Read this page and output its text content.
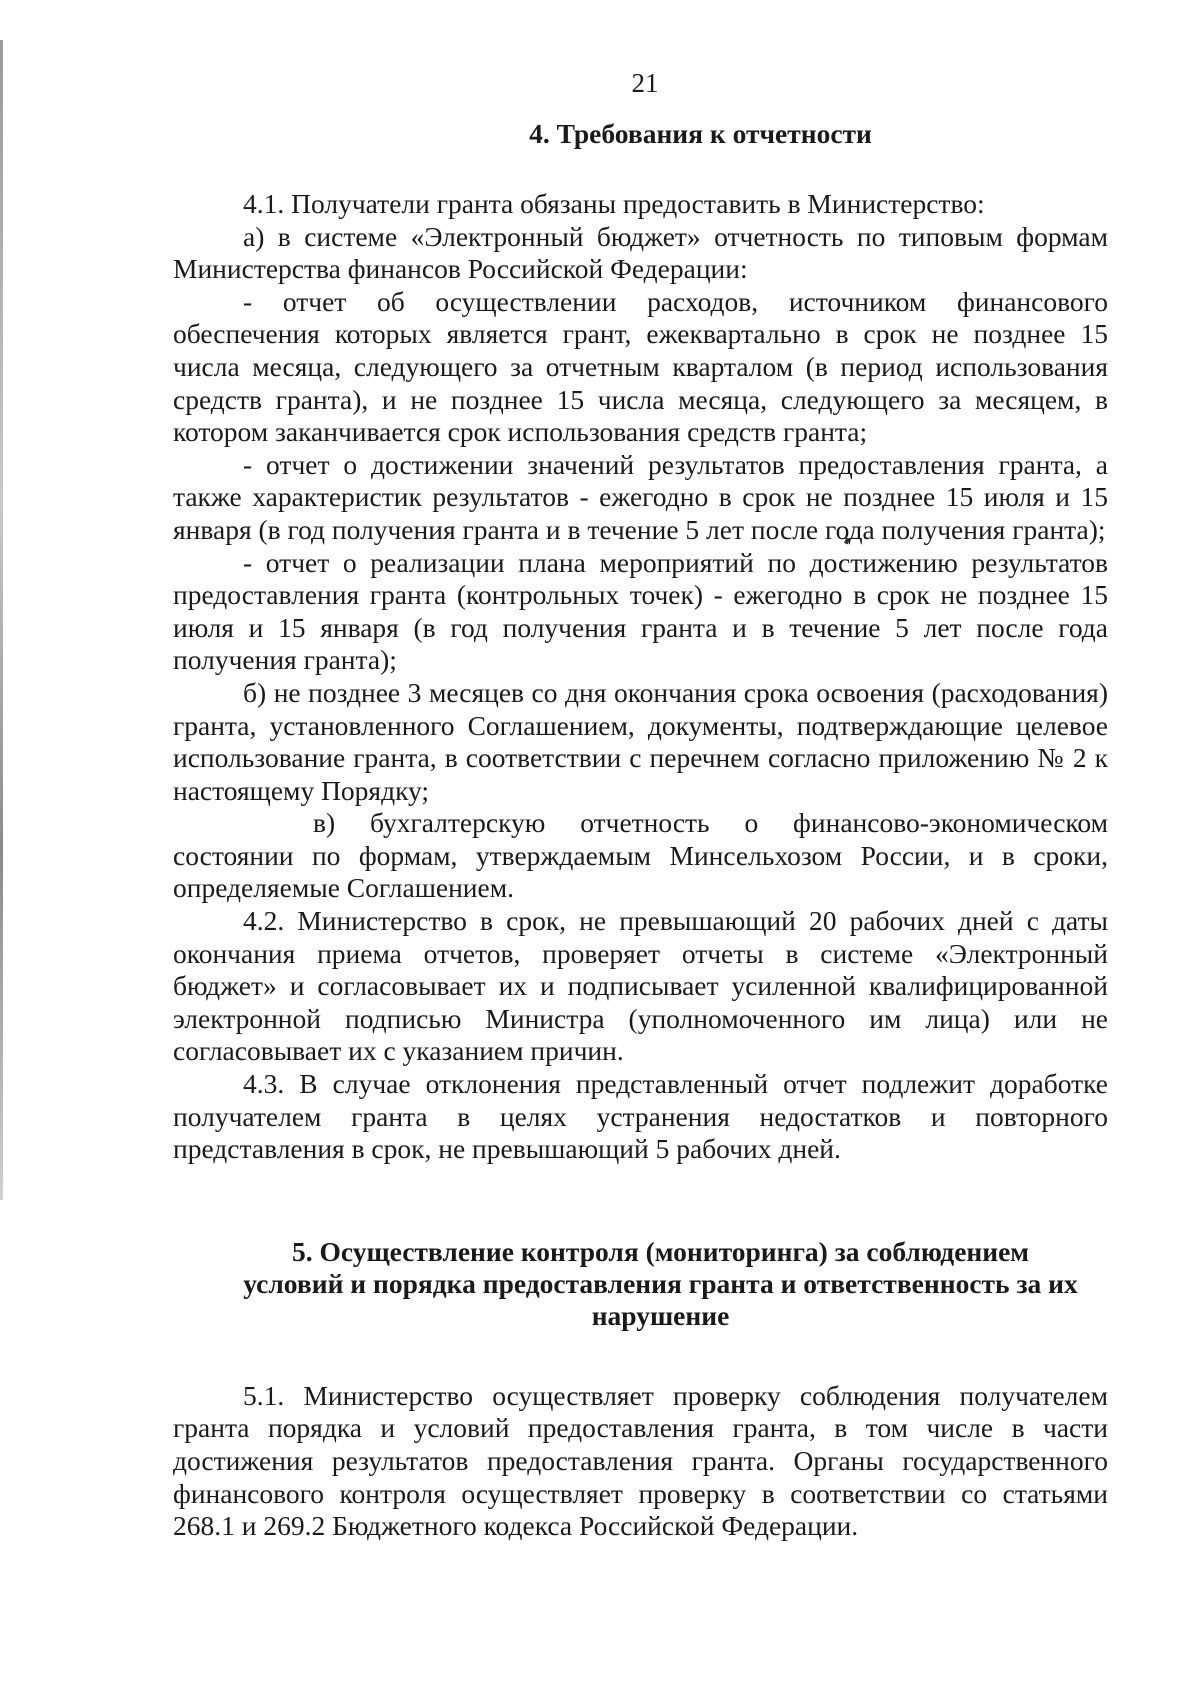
21
4. Требования к отчетности

4.1. Получатели гранта обязаны предоставить в Министерство:

а) в системе «Электронный бюджет» отчетность по типовым формам Министерства финансов Российской Федерации:

- отчет об осуществлении расходов, источником финансового обеспечения которых является грант, ежеквартально в срок не позднее 15 числа месяца, следующего за отчетным кварталом (в период использования средств гранта), и не позднее 15 числа месяца, следующего за месяцем, в котором заканчивается срок использования средств гранта;

- отчет о достижении значений результатов предоставления гранта, а также характеристик результатов - ежегодно в срок не позднее 15 июля и 15 января (в год получения гранта и в течение 5 лет после года получения гранта);

- отчет о реализации плана мероприятий по достижению результатов предоставления гранта (контрольных точек) - ежегодно в срок не позднее 15 июля и 15 января (в год получения гранта и в течение 5 лет после года получения гранта);

б) не позднее 3 месяцев со дня окончания срока освоения (расходования) гранта, установленного Соглашением, документы, подтверждающие целевое использование гранта, в соответствии с перечнем согласно приложению № 2 к настоящему Порядку;

в) бухгалтерскую отчетность о финансово-экономическом состоянии по формам, утверждаемым Минсельхозом России, и в сроки, определяемые Соглашением.

4.2. Министерство в срок, не превышающий 20 рабочих дней с даты окончания приема отчетов, проверяет отчеты в системе «Электронный бюджет» и согласовывает их и подписывает усиленной квалифицированной электронной подписью Министра (уполномоченного им лица) или не согласовывает их с указанием причин.

4.3. В случае отклонения представленный отчет подлежит доработке получателем гранта в целях устранения недостатков и повторного представления в срок, не превышающий 5 рабочих дней.

5. Осуществление контроля (мониторинга) за соблюдением
условий и порядка предоставления гранта и ответственность за их
нарушение

5.1. Министерство осуществляет проверку соблюдения получателем гранта порядка и условий предоставления гранта, в том числе в части достижения результатов предоставления гранта. Органы государственного финансового контроля осуществляет проверку в соответствии со статьями 268.1 и 269.2 Бюджетного кодекса Российской Федерации.
